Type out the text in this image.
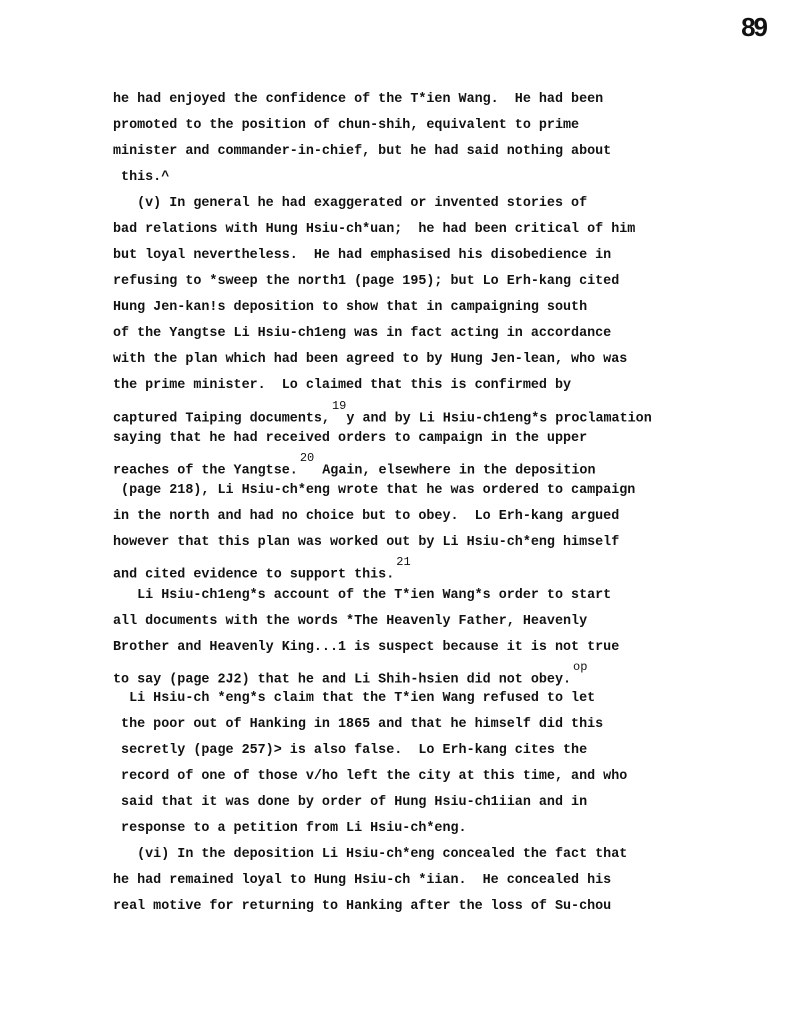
89
he had enjoyed the confidence of the T*ien Wang.  He had been
promoted to the position of chun-shih, equivalent to prime
minister and commander-in-chief, but he had said nothing about
this.^
(v) In general he had exaggerated or invented stories of
bad relations with Hung Hsiu-ch*uan;  he had been critical of him
but loyal nevertheless.  He had emphasised his disobedience in
refusing to *sweep the north1 (page 195); but Lo Erh-kang cited
Hung Jen-kan!s deposition to show that in campaigning south
of the Yangtse Li Hsiu-ch1eng was in fact acting in accordance
with the plan which had been agreed to by Hung Jen-lean, who was
the prime minister.  Lo claimed that this is confirmed by
captured Taiping documents,$^{19}$y and by Li Hsiu-ch1eng*s proclamation
saying that he had received orders to campaign in the upper
reaches of the Yangtse.$^{20}$ Again, elsewhere in the deposition
(page 218), Li Hsiu-ch*eng wrote that he was ordered to campaign
in the north and had no choice but to obey.  Lo Erh-kang argued
however that this plan was worked out by Li Hsiu-ch*eng himself
and cited evidence to support this.$^{21}$
Li Hsiu-ch1eng*s account of the T*ien Wang*s order to start
all documents with the words *The Heavenly Father, Heavenly
Brother and Heavenly King...1 is suspect because it is not true
to say (page 2J2) that he and Li Shih-hsien did not obey.$^{op}$
Li Hsiu-ch *eng*s claim that the T*ien Wang refused to let
the poor out of Hanking in 1865 and that he himself did this
secretly (page 257)> is also false.  Lo Erh-kang cites the
record of one of those v/ho left the city at this time, and who
said that it was done by order of Hung Hsiu-ch1iian and in
response to a petition from Li Hsiu-ch*eng.
(vi) In the deposition Li Hsiu-ch*eng concealed the fact that
he had remained loyal to Hung Hsiu-ch *iian.  He concealed his
real motive for returning to Hanking after the loss of Su-chou
